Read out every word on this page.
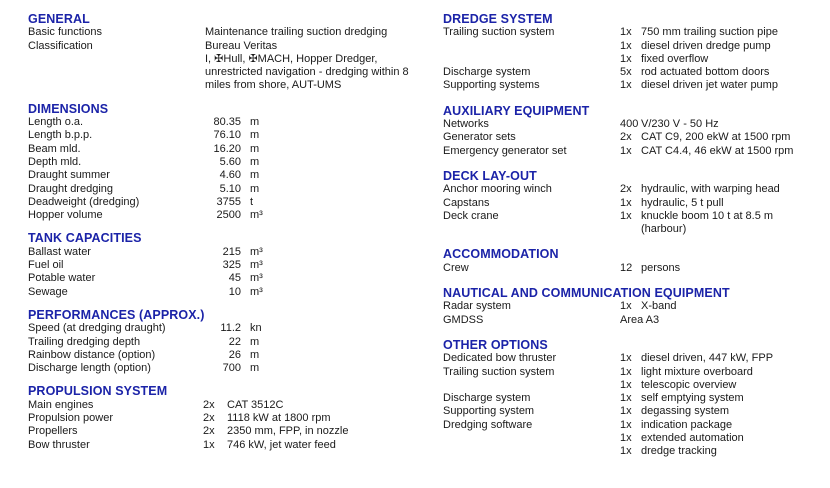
GENERAL
Basic functions	Maintenance trailing suction dredging
Classification	Bureau Veritas
I, ✠Hull, ✠MACH, Hopper Dredger,
unrestricted navigation - dredging within 8
miles from shore, AUT-UMS
DIMENSIONS
Length o.a.	80.35 m
Length b.p.p.	76.10 m
Beam mld.	16.20 m
Depth mld.	5.60 m
Draught summer	4.60 m
Draught dredging	5.10 m
Deadweight (dredging)	3755 t
Hopper volume	2500 m³
TANK CAPACITIES
Ballast water	215 m³
Fuel oil	325 m³
Potable water	45 m³
Sewage	10 m³
PERFORMANCES (APPROX.)
Speed (at dredging draught)	11.2 kn
Trailing dredging depth	22 m
Rainbow distance (option)	26 m
Discharge length (option)	700 m
PROPULSION SYSTEM
Main engines	2x	CAT 3512C
Propulsion power	2x	1118 kW at 1800 rpm
Propellers	2x	2350 mm, FPP, in nozzle
Bow thruster	1x	746 kW, jet water feed
DREDGE SYSTEM
Trailing suction system	1x 750 mm trailing suction pipe
1x diesel driven dredge pump
1x fixed overflow
Discharge system	5x rod actuated bottom doors
Supporting systems	1x diesel driven jet water pump
AUXILIARY EQUIPMENT
Networks	400 V/230 V - 50 Hz
Generator sets	2x CAT C9, 200 ekW at 1500 rpm
Emergency generator set	1x CAT C4.4, 46 ekW at 1500 rpm
DECK LAY-OUT
Anchor mooring winch	2x hydraulic, with warping head
Capstans	1x hydraulic, 5 t pull
Deck crane	1x knuckle boom 10 t at 8.5 m
(harbour)
ACCOMMODATION
Crew	12 persons
NAUTICAL AND COMMUNICATION EQUIPMENT
Radar system	1x X-band
GMDSS	Area A3
OTHER OPTIONS
Dedicated bow thruster	1x diesel driven, 447 kW, FPP
Trailing suction system	1x light mixture overboard
1x telescopic overview
Discharge system	1x self emptying system
Supporting system	1x degassing system
Dredging software	1x indication package
1x extended automation
1x dredge tracking
